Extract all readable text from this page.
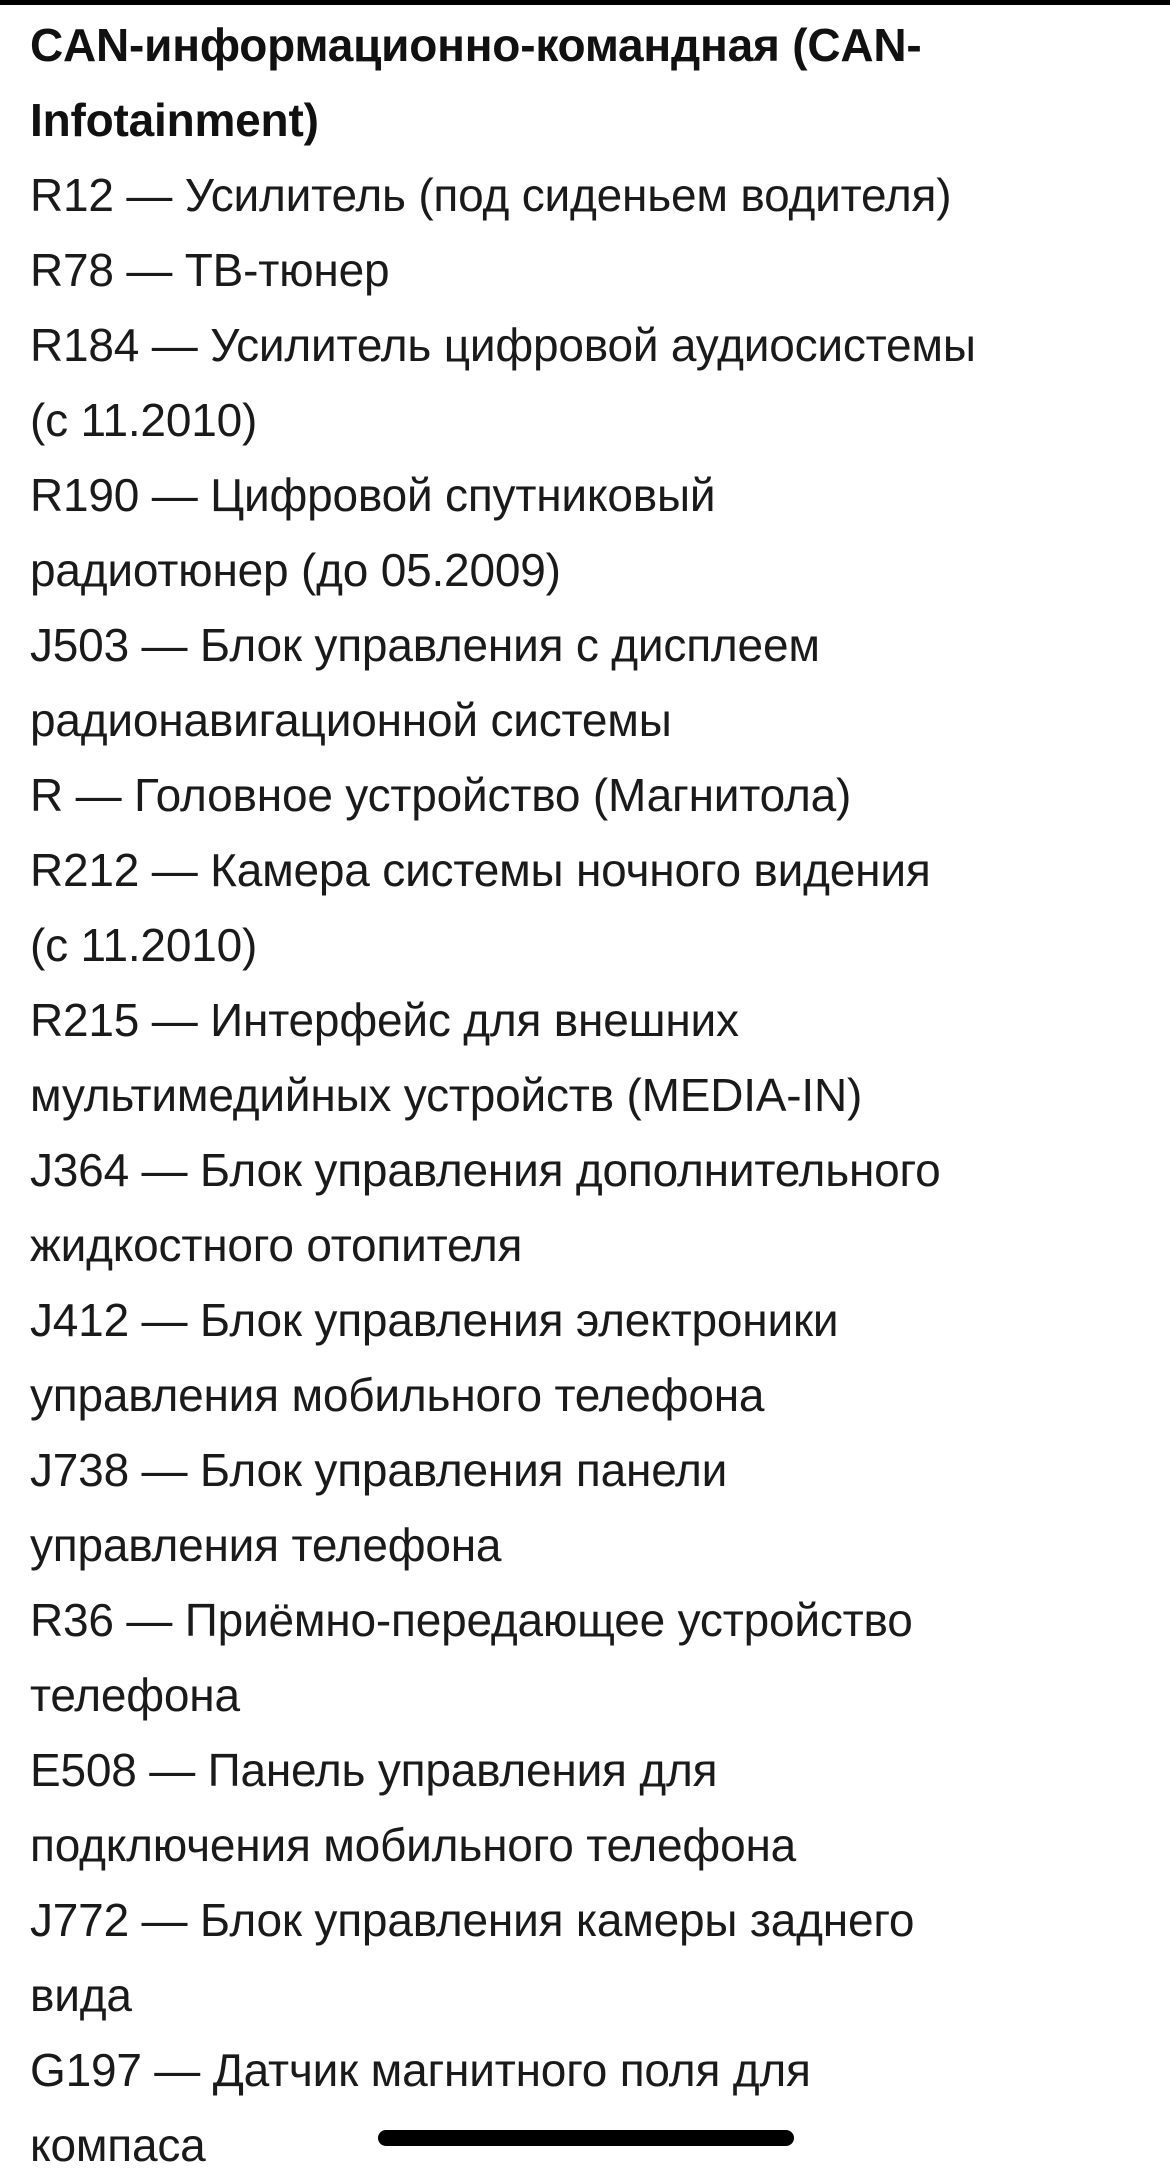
CAN-информационно-командная (CAN-
Infotainment)
R12 — Усилитель (под сиденьем водителя)
R78 — ТВ-тюнер
R184 — Усилитель цифровой аудиосистемы
(с 11.2010)
R190 — Цифровой спутниковый
радиотюнер (до 05.2009)
J503 — Блок управления с дисплеем
радионавигационной системы
R — Головное устройство (Магнитола)
R212 — Камера системы ночного видения
(с 11.2010)
R215 — Интерфейс для внешних
мультимедийных устройств (MEDIA-IN)
J364 — Блок управления дополнительного
жидкостного отопителя
J412 — Блок управления электроники
управления мобильного телефона
J738 — Блок управления панели
управления телефона
R36 — Приёмно-передающее устройство
телефона
E508 — Панель управления для
подключения мобильного телефона
J772 — Блок управления камеры заднего
вида
G197 — Датчик магнитного поля для
компаса
